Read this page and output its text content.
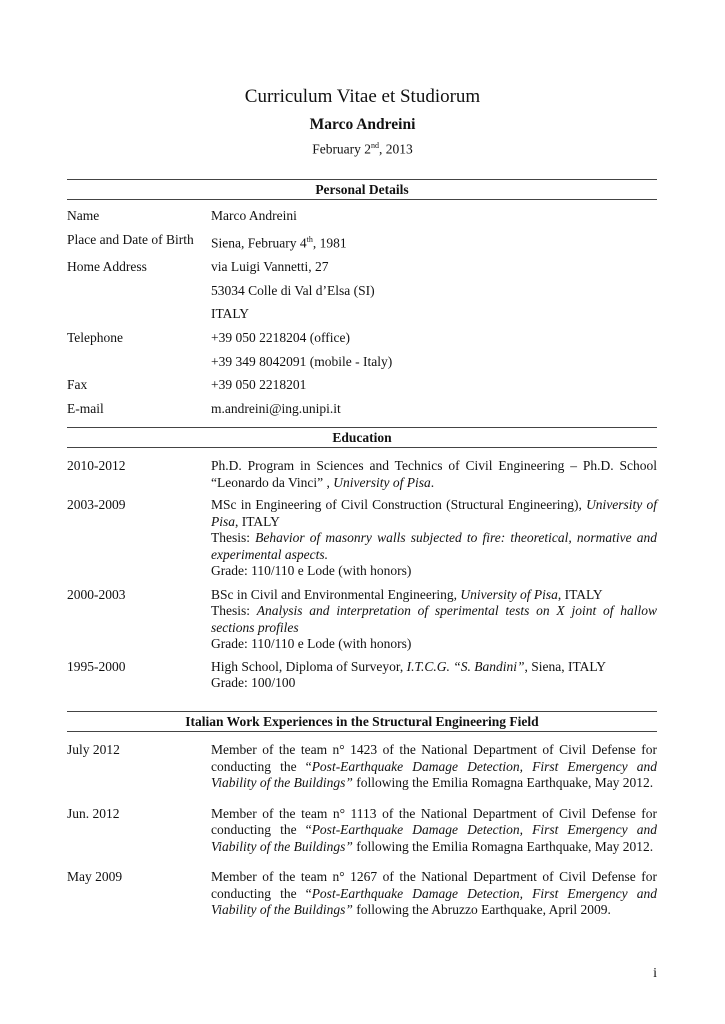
Curriculum Vitae et Studiorum
Marco Andreini
February 2nd, 2013
Personal Details
Name	Marco Andreini
Place and Date of Birth	Siena, February 4th, 1981
Home Address	via Luigi Vannetti, 27
53034 Colle di Val d’Elsa (SI)
ITALY
Telephone	+39 050 2218204 (office)
+39 349 8042091 (mobile - Italy)
Fax	+39 050 2218201
E-mail	m.andreini@ing.unipi.it
Education
2010-2012	Ph.D. Program in Sciences and Technics of Civil Engineering – Ph.D. School “Leonardo da Vinci” , University of Pisa.

2003-2009	MSc in Engineering of Civil Construction (Structural Engineering), University of Pisa, ITALY

Thesis: Behavior of masonry walls subjected to fire: theoretical, normative and experimental aspects.

Grade: 110/110 e Lode (with honors)

2000-2003	BSc in Civil and Environmental Engineering, University of Pisa, ITALY

Thesis: Analysis and interpretation of sperimental tests on X joint of hallow sections profiles

Grade: 110/110 e Lode (with honors)

1995-2000	High School, Diploma of Surveyor, I.T.C.G. “S. Bandini”, Siena, ITALY

Grade: 100/100

Italian Work Experiences in the Structural Engineering Field
July 2012	Member of the team n° 1423 of the National Department of Civil Defense for conducting the “Post-Earthquake Damage Detection, First Emergency and Viability of the Buildings” following the Emilia Romagna Earthquake, May 2012.

Jun. 2012	Member of the team n° 1113 of the National Department of Civil Defense for conducting the “Post-Earthquake Damage Detection, First Emergency and Viability of the Buildings” following the Emilia Romagna Earthquake, May 2012.

May 2009	Member of the team n° 1267 of the National Department of Civil Defense for conducting the “Post-Earthquake Damage Detection, First Emergency and Viability of the Buildings” following the Abruzzo Earthquake, April 2009.

i
